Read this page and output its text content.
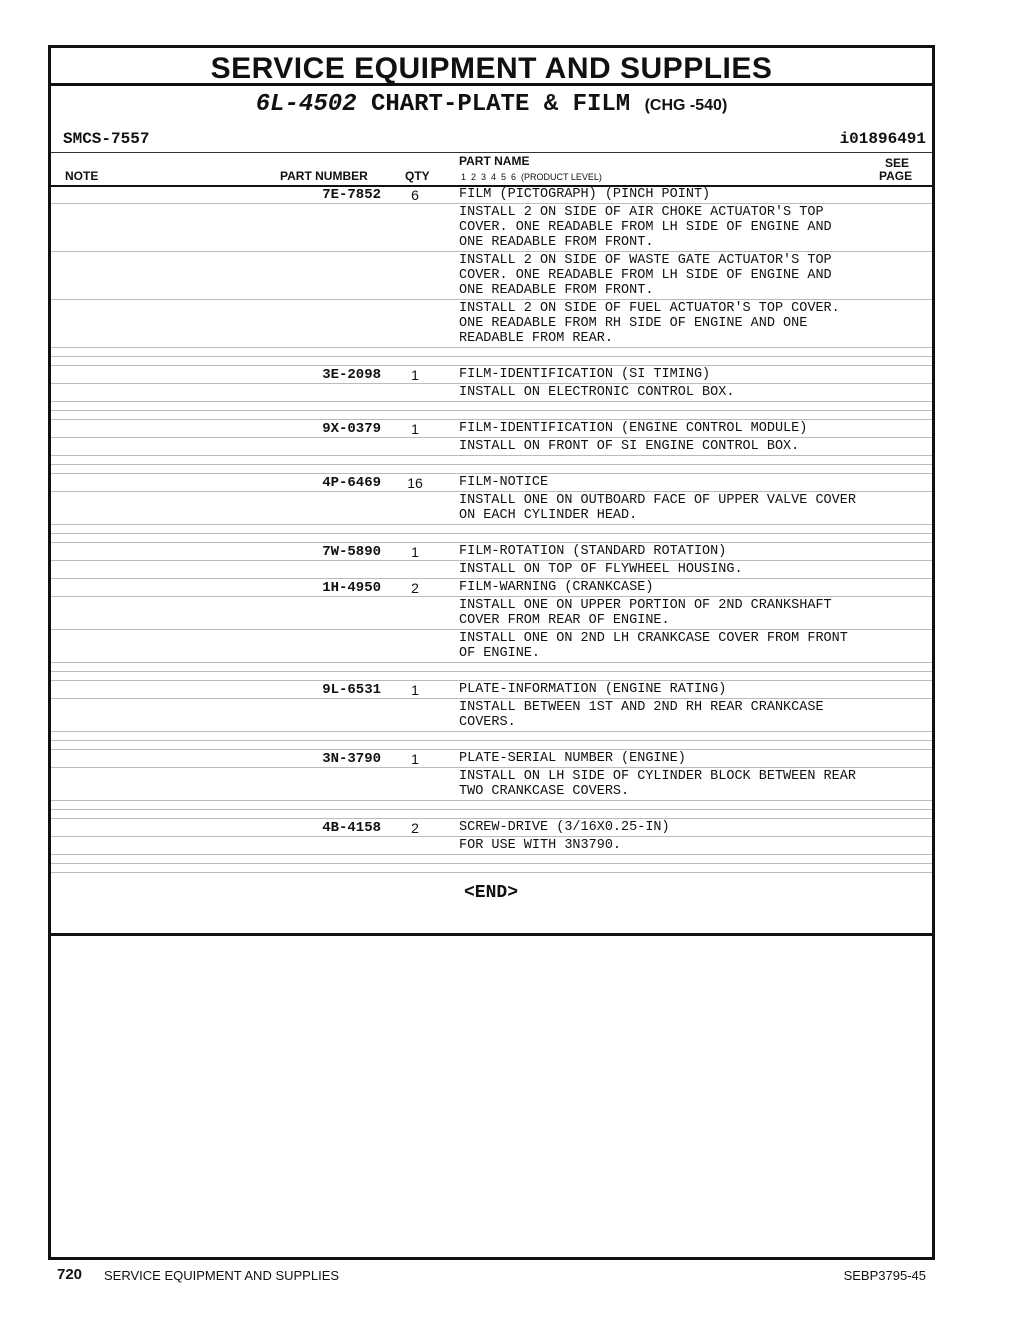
SERVICE EQUIPMENT AND SUPPLIES
6L-4502 CHART-PLATE & FILM (CHG -540)
SMCS-7557	i01896491
NOTE	PART NUMBER	QTY
PART NAME
1  2  3  4  5  6  (PRODUCT LEVEL)
SEE
PAGE
7E-7852	6	FILM (PICTOGRAPH) (PINCH POINT)
INSTALL 2 ON SIDE OF AIR CHOKE ACTUATOR'S TOP
COVER. ONE READABLE FROM LH SIDE OF ENGINE AND
ONE READABLE FROM FRONT.
INSTALL 2 ON SIDE OF WASTE GATE ACTUATOR'S TOP
COVER. ONE READABLE FROM LH SIDE OF ENGINE AND
ONE READABLE FROM FRONT.
INSTALL 2 ON SIDE OF FUEL ACTUATOR'S TOP COVER.
ONE READABLE FROM RH SIDE OF ENGINE AND ONE
READABLE FROM REAR.
3E-2098	1	FILM-IDENTIFICATION (SI TIMING)
INSTALL ON ELECTRONIC CONTROL BOX.
9X-0379	1	FILM-IDENTIFICATION (ENGINE CONTROL MODULE)
INSTALL ON FRONT OF SI ENGINE CONTROL BOX.
4P-6469	16	FILM-NOTICE
INSTALL ONE ON OUTBOARD FACE OF UPPER VALVE COVER
ON EACH CYLINDER HEAD.
7W-5890	1	FILM-ROTATION (STANDARD ROTATION)
INSTALL ON TOP OF FLYWHEEL HOUSING.
1H-4950	2	FILM-WARNING (CRANKCASE)
INSTALL ONE ON UPPER PORTION OF 2ND CRANKSHAFT
COVER FROM REAR OF ENGINE.
INSTALL ONE ON 2ND LH CRANKCASE COVER FROM FRONT
OF ENGINE.
9L-6531	1	PLATE-INFORMATION (ENGINE RATING)
INSTALL BETWEEN 1ST AND 2ND RH REAR CRANKCASE
COVERS.
3N-3790	1	PLATE-SERIAL NUMBER (ENGINE)
INSTALL ON LH SIDE OF CYLINDER BLOCK BETWEEN REAR
TWO CRANKCASE COVERS.
4B-4158	2	SCREW-DRIVE (3/16X0.25-IN)
FOR USE WITH 3N3790.
<END>
720 SERVICE EQUIPMENT AND SUPPLIES	SEBP3795-45
